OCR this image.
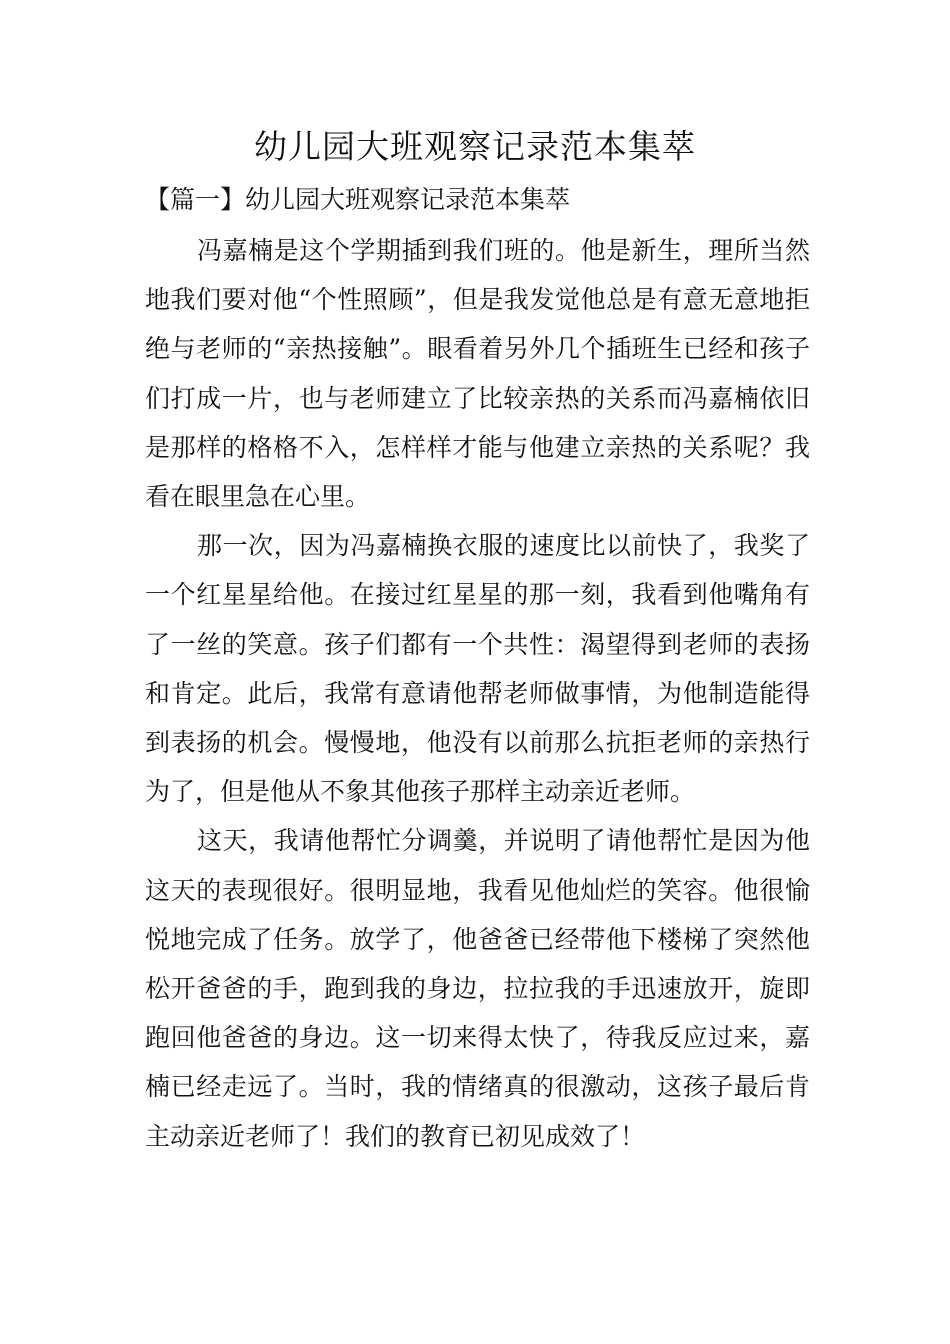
幼儿园大班观察记录范本集萃
【篇一】幼儿园大班观察记录范本集萃

冯嘉楠是这个学期插到我们班的。他是新生，理所当然地我们要对他“个性照顾”，但是我发觉他总是有意无意地拒绝与老师的“亲热接触”。眼看着另外几个插班生已经和孩子们打成一片，也与老师建立了比较亲热的关系而冯嘉楠依旧是那样的格格不入，怎样样才能与他建立亲热的关系呢？我看在眼里急在心里。

那一次，因为冯嘉楠换衣服的速度比以前快了，我奖了一个红星星给他。在接过红星星的那一刻，我看到他嘴角有了一丝的笑意。孩子们都有一个共性：渴望得到老师的表扬和肯定。此后，我常有意请他帮老师做事情，为他制造能得到表扬的机会。慢慢地，他没有以前那么抗拒老师的亲热行为了，但是他从不象其他孩子那样主动亲近老师。

这天，我请他帮忙分调羹，并说明了请他帮忙是因为他这天的表现很好。很明显地，我看见他灿烂的笑容。他很愉悦地完成了任务。放学了，他爸爸已经带他下楼梯了突然他松开爸爸的手，跑到我的身边，拉拉我的手迅速放开，旋即跑回他爸爸的身边。这一切来得太快了，待我反应过来，嘉楠已经走远了。当时，我的情绪真的很激动，这孩子最后肯主动亲近老师了！我们的教育已初见成效了！
